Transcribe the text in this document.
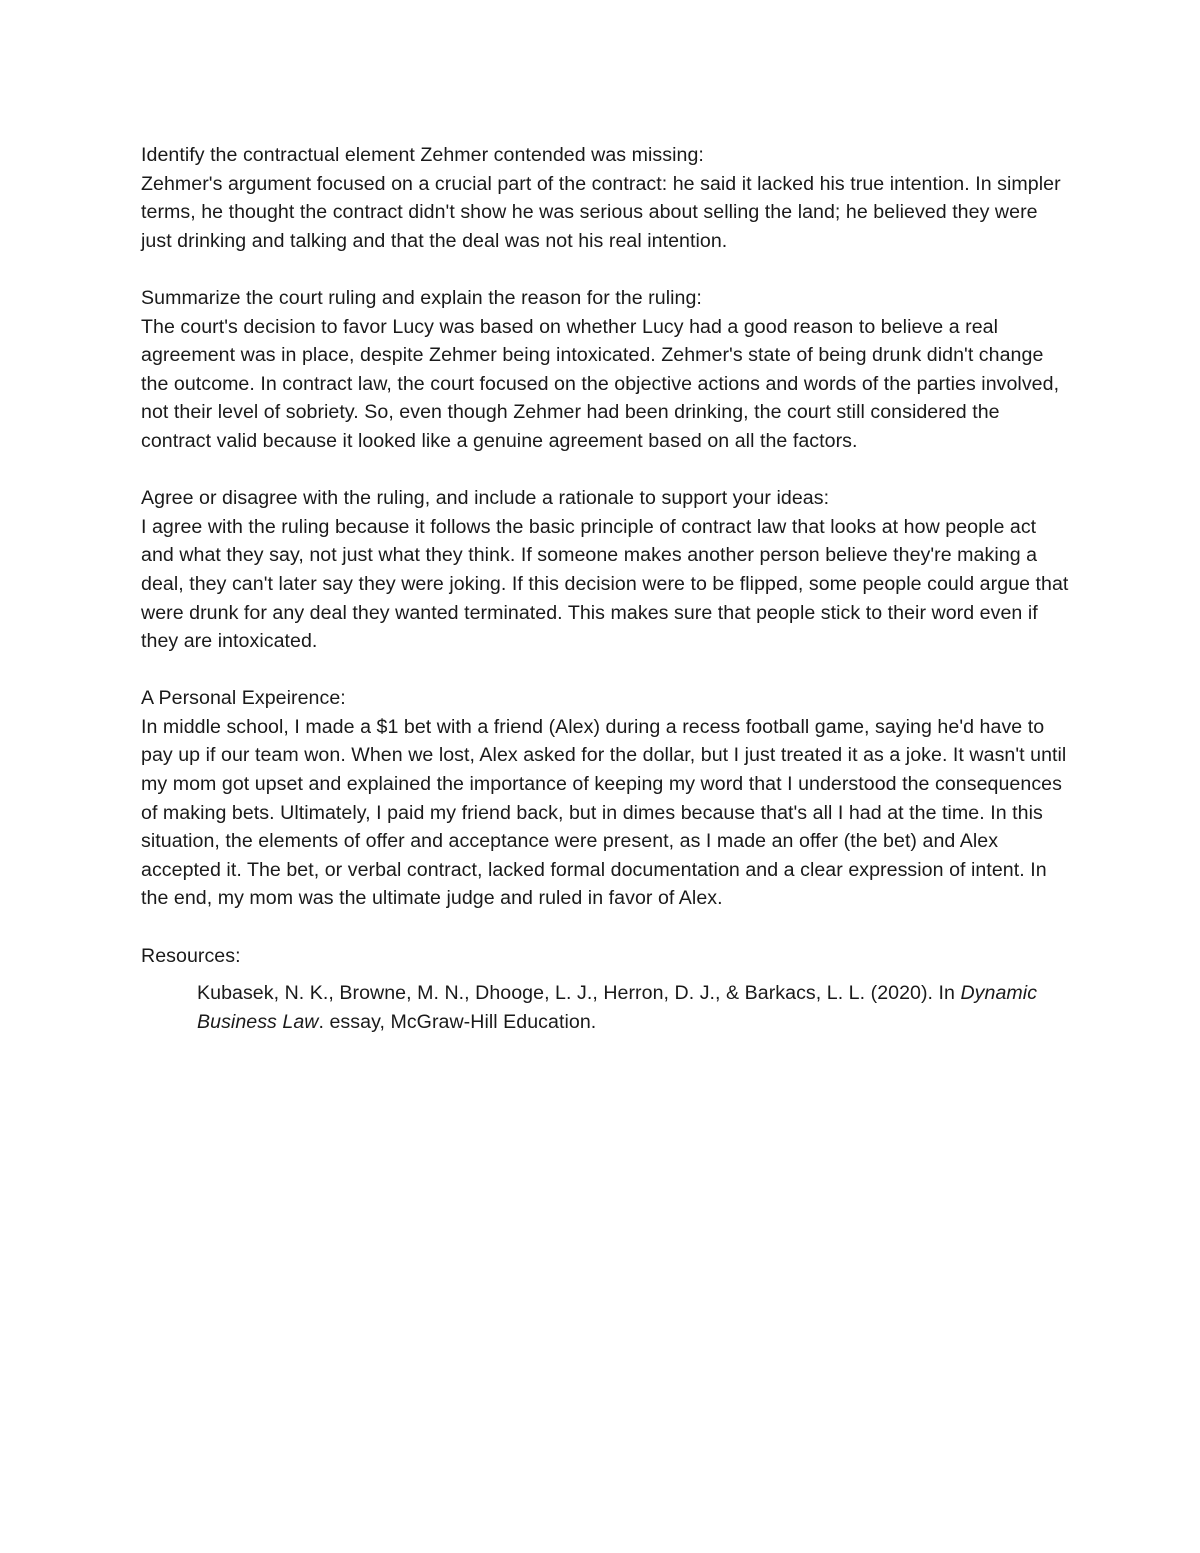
Identify the contractual element Zehmer contended was missing:

Zehmer's argument focused on a crucial part of the contract: he said it lacked his true intention. In simpler terms, he thought the contract didn't show he was serious about selling the land; he believed they were just drinking and talking and that the deal was not his real intention.

Summarize the court ruling and explain the reason for the ruling:

The court's decision to favor Lucy was based on whether Lucy had a good reason to believe a real agreement was in place, despite Zehmer being intoxicated. Zehmer's state of being drunk didn't change the outcome. In contract law, the court focused on the objective actions and words of the parties involved, not their level of sobriety. So, even though Zehmer had been drinking, the court still considered the contract valid because it looked like a genuine agreement based on all the factors.

Agree or disagree with the ruling, and include a rationale to support your ideas:

I agree with the ruling because it follows the basic principle of contract law that looks at how people act and what they say, not just what they think. If someone makes another person believe they're making a deal, they can't later say they were joking. If this decision were to be flipped, some people could argue that were drunk for any deal they wanted terminated. This makes sure that people stick to their word even if they are intoxicated.

A Personal Expeirence:

In middle school, I made a $1 bet with a friend (Alex) during a recess football game, saying he'd have to pay up if our team won. When we lost, Alex asked for the dollar, but I just treated it as a joke. It wasn't until my mom got upset and explained the importance of keeping my word that I understood the consequences of making bets. Ultimately, I paid my friend back, but in dimes because that's all I had at the time. In this situation, the elements of offer and acceptance were present, as I made an offer (the bet) and Alex accepted it. The bet, or verbal contract, lacked formal documentation and a clear expression of intent. In the end, my mom was the ultimate judge and ruled in favor of Alex.

Resources:

Kubasek, N. K., Browne, M. N., Dhooge, L. J., Herron, D. J., & Barkacs, L. L. (2020). In Dynamic Business Law. essay, McGraw-Hill Education.
